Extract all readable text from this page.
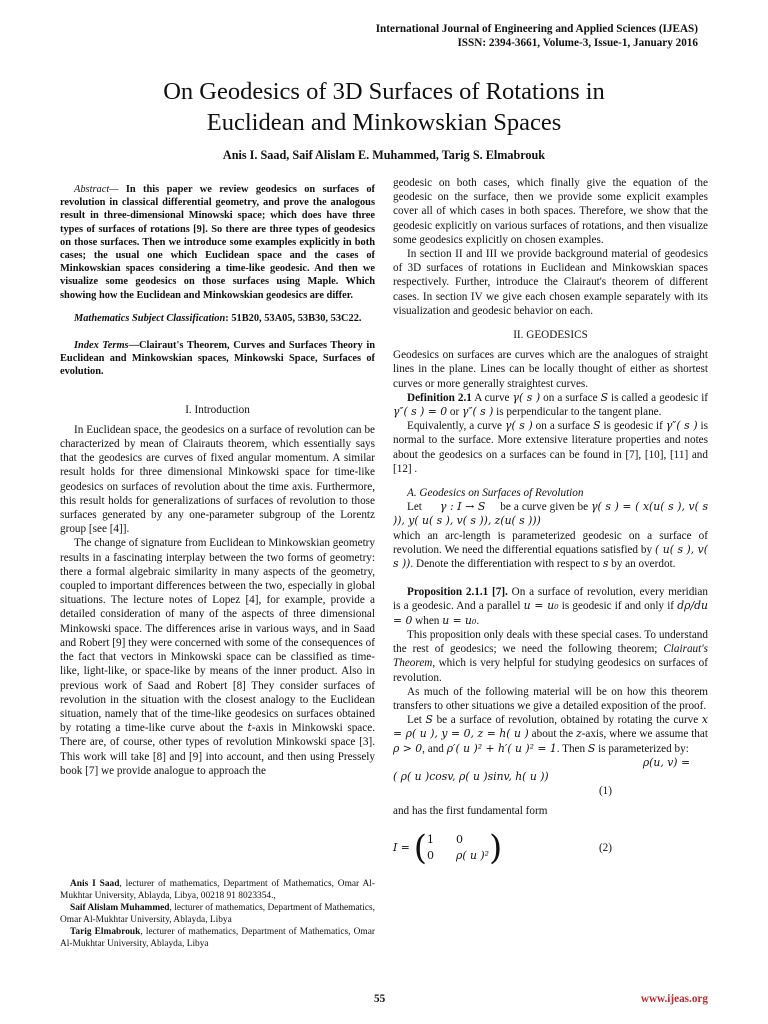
International Journal of Engineering and Applied Sciences (IJEAS)
ISSN: 2394-3661, Volume-3, Issue-1, January 2016
On Geodesics of 3D Surfaces of Rotations in
Euclidean and Minkowskian Spaces
Anis I. Saad, Saif Alislam E. Muhammed, Tarig S. Elmabrouk

Abstract— In this paper we review geodesics on surfaces of revolution in classical differential geometry, and prove the analogous result in three-dimensional Minowski space; which does have three types of surfaces of rotations [9]. So there are three types of geodesics on those surfaces. Then we introduce some examples explicitly in both cases; the usual one which Euclidean space and the cases of Minkowskian spaces considering a time-like geodesic. And then we visualize some geodesics on those surfaces using Maple. Which showing how the Euclidean and Minkowskian geodesics are differ.

Mathematics Subject Classification: 51B20, 53A05, 53B30, 53C22.

Index Terms—Clairaut's Theorem, Curves and Surfaces Theory in Euclidean and Minkowskian spaces, Minkowski Space, Surfaces of evolution.

I. Introduction

In Euclidean space, the geodesics on a surface of revolution can be characterized by mean of Clairauts theorem, which essentially says that the geodesics are curves of fixed angular momentum. A similar result holds for three dimensional Minkowski space for time-like geodesics on surfaces of revolution about the time axis. Furthermore, this result holds for generalizations of surfaces of revolution to those surfaces generated by any one-parameter subgroup of the Lorentz group [see [4]].

The change of signature from Euclidean to Minkowskian geometry results in a fascinating interplay between the two forms of geometry: there a formal algebraic similarity in many aspects of the geometry, coupled to important differences between the two, especially in global situations. The lecture notes of Lopez [4], for example, provide a detailed consideration of many of the aspects of three dimensional Minkowski space. The differences arise in various ways, and in Saad and Robert [9] they were concerned with some of the consequences of the fact that vectors in Minkowski space can be classified as time-like, light-like, or space-like by means of the inner product. Also in previous work of Saad and Robert [8] They consider surfaces of revolution in the situation with the closest analogy to the Euclidean situation, namely that of the time-like geodesics on surfaces obtained by rotating a time-like curve about the t-axis in Minkowski space. There are, of course, other types of revolution Minkowski space [3]. This work will take [8] and [9] into account, and then using Pressely book [7] we provide analogue to approach the

Anis I Saad, lecturer of mathematics, Department of Mathematics, Omar Al-Mukhtar University, Ablayda, Libya, 00218 91 8023354.,

Saif Alislam Muhammed, lecturer of mathematics, Department of Mathematics, Omar Al-Mukhtar University, Ablayda, Libya

Tarig Elmabrouk, lecturer of mathematics, Department of Mathematics, Omar Al-Mukhtar University, Ablayda, Libya

geodesic on both cases, which finally give the equation of the geodesic on the surface, then we provide some explicit examples cover all of which cases in both spaces. Therefore, we show that the geodesic explicitly on various surfaces of rotations, and then visualize some geodesics explicitly on chosen examples.

In section II and III we provide background material of geodesics of 3D surfaces of rotations in Euclidean and Minkowskian spaces respectively. Further, introduce the Clairaut's theorem of different cases. In section IV we give each chosen example separately with its visualization and geodesic behavior on each.

II. GEODESICS

Geodesics on surfaces are curves which are the analogues of straight lines in the plane. Lines can be locally thought of either as shortest curves or more generally straightest curves.

Definition 2.1 A curve γ( s ) on a surface S is called a geodesic if γ″( s ) = 0 or γ″( s ) is perpendicular to the tangent plane.

Equivalently, a curve γ( s ) on a surface S is geodesic if γ″( s ) is normal to the surface. More extensive literature properties and notes about the geodesics on a surfaces can be found in [7], [10], [11] and [12] .

A. Geodesics on Surfaces of Revolution

Let γ : I → S be a curve given be γ( s ) = ( x(u( s ), v( s )), y( u( s ), v( s )), z(u( s )))

which an arc-length is parameterized geodesic on a surface of revolution. We need the differential equations satisfied by ( u( s ), v( s )). Denote the differentiation with respect to s by an overdot.

Proposition 2.1.1 [7]. On a surface of revolution, every meridian is a geodesic. And a parallel u = u₀ is geodesic if and only if dρ/du = 0 when u = u₀.

This proposition only deals with these special cases. To understand the rest of geodesics; we need the following theorem; Clairaut's Theorem, which is very helpful for studying geodesics on surfaces of revolution.

As much of the following material will be on how this theorem transfers to other situations we give a detailed exposition of the proof.

Let S be a surface of revolution, obtained by rotating the curve x = ρ( u ), y = 0, z = h( u ) about the z-axis, where we assume that ρ > 0, and ρ′( u )² + h′( u )² = 1. Then S is parameterized by:

ρ(u, v) =

( ρ( u )cosv, ρ( u )sinv, h( u ))
(1)

and has the first fundamental form

I = ( 1 0
0 ρ( u )² )	(2)
55	www.ijeas.org
